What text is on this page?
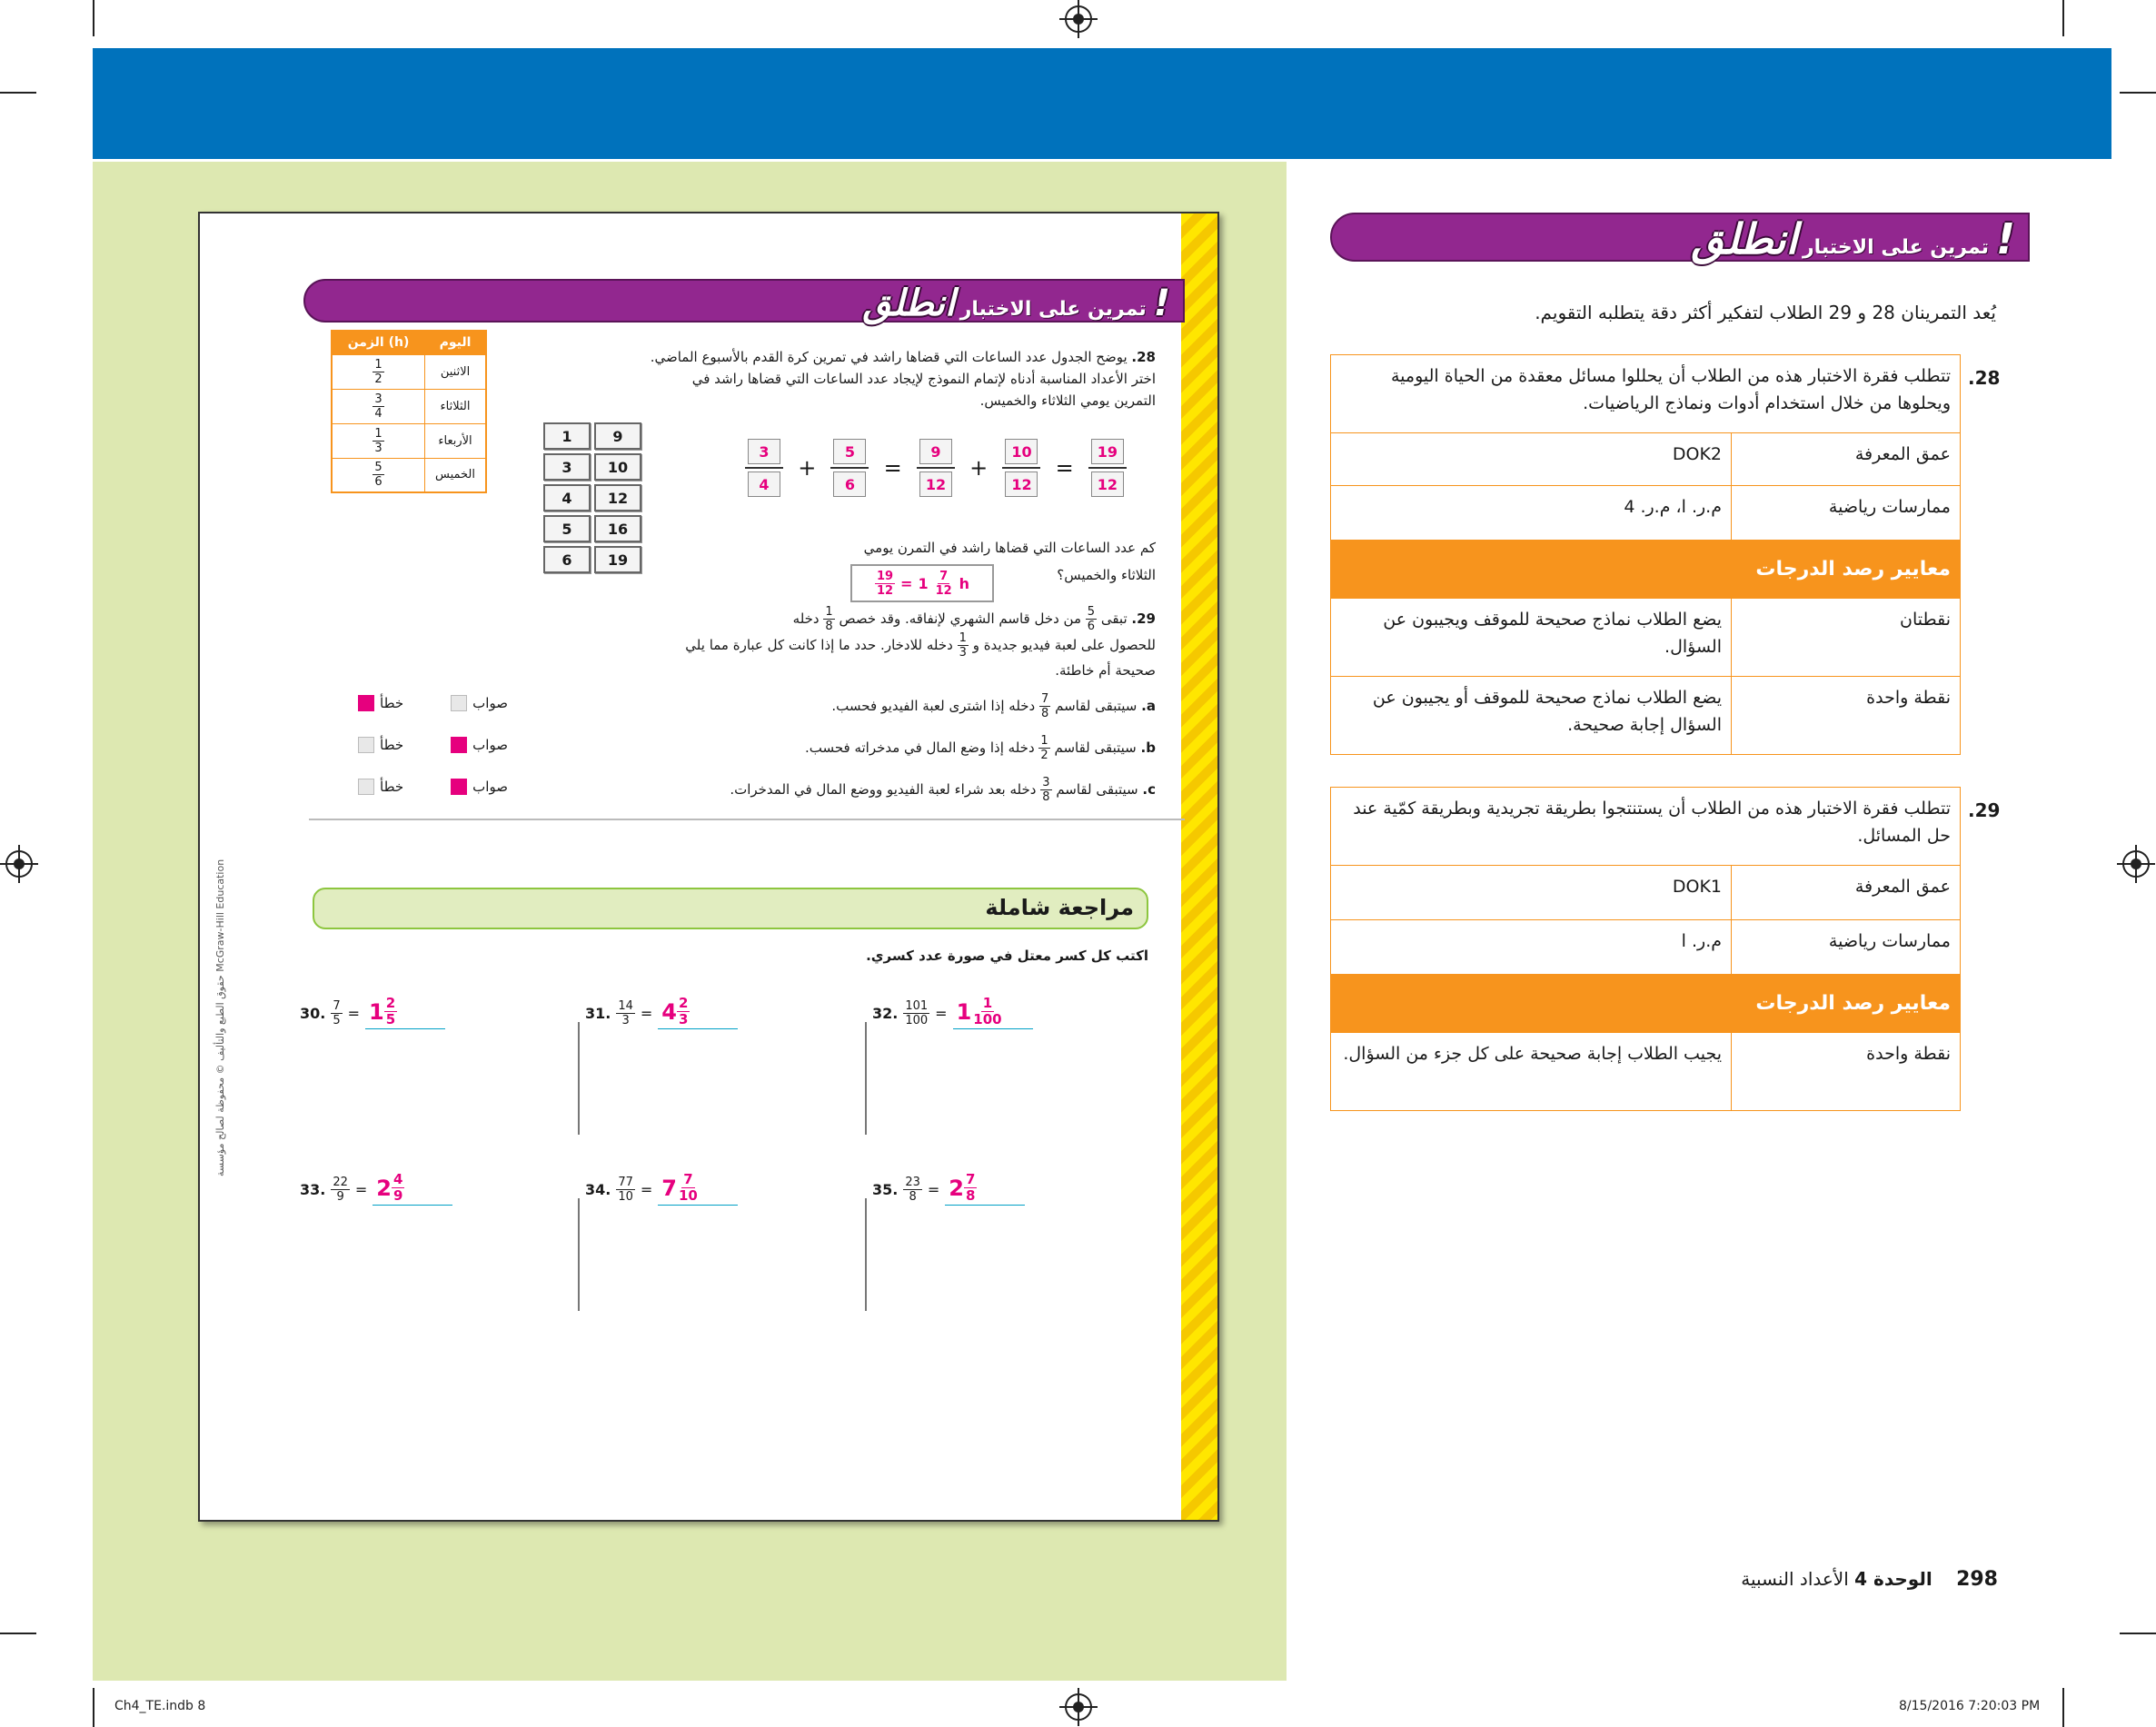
حقوق الطبع والتأليف © محفوظة لصالح مؤسسة McGraw-Hill Education
تمرين على الاختبار انطلق!
الزمن (h)	اليوم

$\frac{1}{2}$	الاثنين

$\frac{3}{4}$	الثلاثاء

$\frac{1}{3}$	الأربعاء

$\frac{5}{6}$	الخميس
28. يوضح الجدول عدد الساعات التي قضاها راشد في تمرين كرة القدم بالأسبوع الماضي.
اختر الأعداد المناسبة أدناه لإتمام النموذج لإيجاد عدد الساعات التي قضاها راشد في
التمرين يومي الثلاثاء والخميس.
1	9
3	10
4	12
5	16
6	19
3
4
+ $\frac{5}{6} = \frac{9}{12} + \frac{10}{12} = \frac{19}{12}$
كم عدد الساعات التي قضاها راشد في التمرن يومي
الثلاثاء والخميس؟
$\frac{19}{12} = 1 \frac{7}{12}$ h
29. تبقى
$\frac{5}{6}$
من دخل قاسم الشهري لإنفاقه. وقد خصص
$\frac{1}{8}$
دخله
للحصول على لعبة فيديو جديدة و
$\frac{1}{3}$
دخله للادخار. حدد ما إذا كانت كل عبارة مما يلي
صحيحة أم خاطئة.
a. سيتبقى لقاسم
$\frac{7}{8}$
دخله إذا اشترى لعبة الفيديو فحسب.
صواب
خطأ
b. سيتبقى لقاسم
$\frac{1}{2}$
دخله إذا وضع المال في مدخراته فحسب.
صواب
خطأ
c. سيتبقى لقاسم
$\frac{3}{8}$
دخله بعد شراء لعبة الفيديو ووضع المال في المدخرات.
صواب
خطأ
مراجعة شاملة
اكتب كل كسر معتل في صورة عدد كسري.
30. $\frac{7}{5} = 1 \frac{2}{5}$	31. $\frac{14}{3} = 4 \frac{2}{3}$	32. $\frac{101}{100} = 1 \frac{1}{100}$
33. $\frac{22}{9} = 2 \frac{4}{9}$	34. $\frac{77}{10} = 7 \frac{7}{10}$	35. $\frac{23}{8} = 2 \frac{7}{8}$
تمرين على الاختبار انطلق!
يُعد التمرينان 28 و 29 الطلاب لتفكير أكثر دقة يتطلبه التقويم.
.28
تتطلب فقرة الاختبار هذه من الطلاب أن يحللوا مسائل معقدة من الحياة اليومية ويحلوها من خلال استخدام أدوات ونماذج الرياضيات.	
عمق المعرفة	DOK2
ممارسات رياضية	م.ر. ا، م.ر. 4
معايير رصد الدرجات	
نقطتان	يضع الطلاب نماذج صحيحة للموقف ويجيبون عن السؤال.
نقطة واحدة	يضع الطلاب نماذج صحيحة للموقف أو يجيبون عن السؤال إجابة صحيحة.
.29
تتطلب فقرة الاختبار هذه من الطلاب أن يستنتجوا بطريقة تجريدية وبطريقة كمّية عند حل المسائل.	
عمق المعرفة	DOK1
ممارسات رياضية	م.ر. ا
معايير رصد الدرجات	
نقطة واحدة	يجيب الطلاب إجابة صحيحة على كل جزء من السؤال.
298 الوحدة 4 الأعداد النسبية
Ch4_TE.indb 8	8/15/2016 7:20:03 PM
